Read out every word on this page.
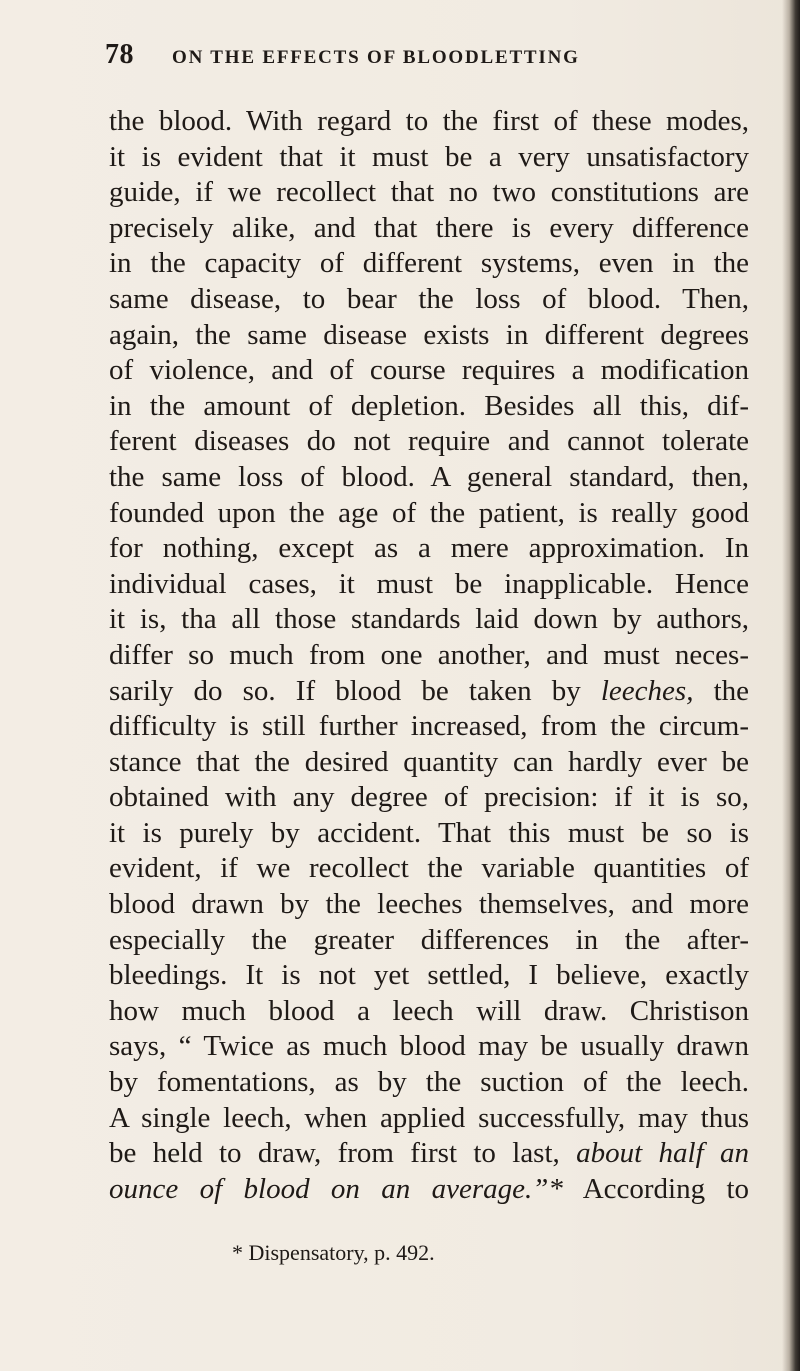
78 ON THE EFFECTS OF BLOODLETTING
the blood. With regard to the first of these modes,
it is evident that it must be a very unsatisfactory
guide, if we recollect that no two constitutions are
precisely alike, and that there is every difference
in the capacity of different systems, even in the
same disease, to bear the loss of blood. Then,
again, the same disease exists in different degrees
of violence, and of course requires a modification
in the amount of depletion. Besides all this, dif-
ferent diseases do not require and cannot tolerate
the same loss of blood. A general standard, then,
founded upon the age of the patient, is really good
for nothing, except as a mere approximation. In
individual cases, it must be inapplicable. Hence
it is, tha all those standards laid down by authors,
differ so much from one another, and must neces-
sarily do so. If blood be taken by leeches, the
difficulty is still further increased, from the circum-
stance that the desired quantity can hardly ever be
obtained with any degree of precision: if it is so,
it is purely by accident. That this must be so is
evident, if we recollect the variable quantities of
blood drawn by the leeches themselves, and more
especially the greater differences in the after-
bleedings. It is not yet settled, I believe, exactly
how much blood a leech will draw. Christison
says, “ Twice as much blood may be usually drawn
by fomentations, as by the suction of the leech.
A single leech, when applied successfully, may thus
be held to draw, from first to last, about half an
ounce of blood on an average.”* According to
* Dispensatory, p. 492.
